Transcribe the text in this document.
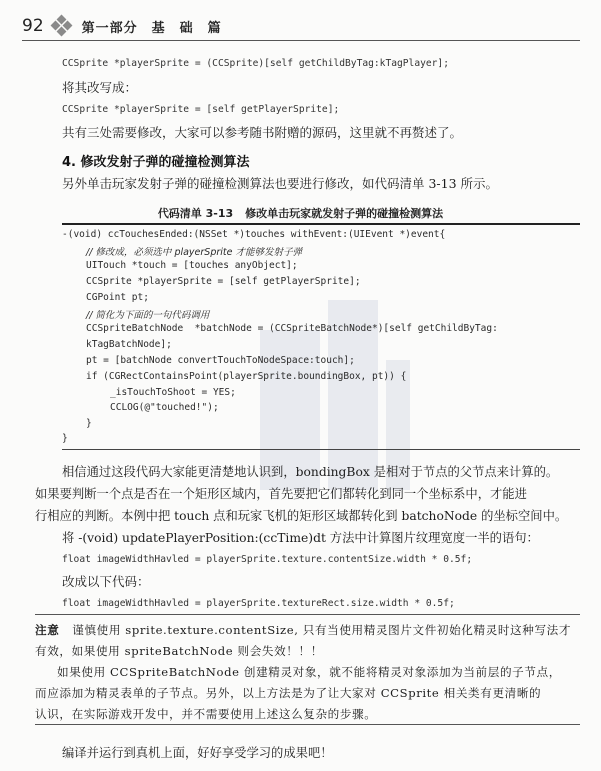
92	第一部分　基　础　篇
CCSprite *playerSprite = (CCSprite)[self getChildByTag:kTagPlayer];
将其改写成：
CCSprite *playerSprite = [self getPlayerSprite];
共有三处需要修改，大家可以参考随书附赠的源码，这里就不再赘述了。
4. 修改发射子弹的碰撞检测算法
另外单击玩家发射子弹的碰撞检测算法也要进行修改，如代码清单 3-13 所示。
代码清单 3-13 修改单击玩家就发射子弹的碰撞检测算法
-(void) ccTouchesEnded:(NSSet *)touches withEvent:(UIEvent *)event{
// 修改成，必须选中 playerSprite 才能够发射子弹
UITouch *touch = [touches anyObject];
CCSprite *playerSprite = [self getPlayerSprite];
CGPoint pt;
// 简化为下面的一句代码调用
CCSpriteBatchNode  *batchNode = (CCSpriteBatchNode*)[self getChildByTag:
kTagBatchNode];
pt = [batchNode convertTouchToNodeSpace:touch];
if (CGRectContainsPoint(playerSprite.boundingBox, pt)) {
_isTouchToShoot = YES;
CCLOG(@"touched!");
}
}
相信通过这段代码大家能更清楚地认识到，bondingBox 是相对于节点的父节点来计算的。
如果要判断一个点是否在一个矩形区域内，首先要把它们都转化到同一个坐标系中，才能进
行相应的判断。本例中把 touch 点和玩家飞机的矩形区域都转化到 batchoNode 的坐标空间中。
将 -(void) updatePlayerPosition:(ccTime)dt 方法中计算图片纹理宽度一半的语句：
float imageWidthHavled = playerSprite.texture.contentSize.width * 0.5f;
改成以下代码：
float imageWidthHavled = playerSprite.textureRect.size.width * 0.5f;
注意 谨慎使用 sprite.texture.contentSize, 只有当使用精灵图片文件初始化精灵时这种写法才
有效，如果使用 spriteBatchNode 则会失效！！！
如果使用 CCSpriteBatchNode 创建精灵对象，就不能将精灵对象添加为当前层的子节点，
而应添加为精灵表单的子节点。另外，以上方法是为了让大家对 CCSprite 相关类有更清晰的
认识，在实际游戏开发中，并不需要使用上述这么复杂的步骤。
编译并运行到真机上面，好好享受学习的成果吧！
